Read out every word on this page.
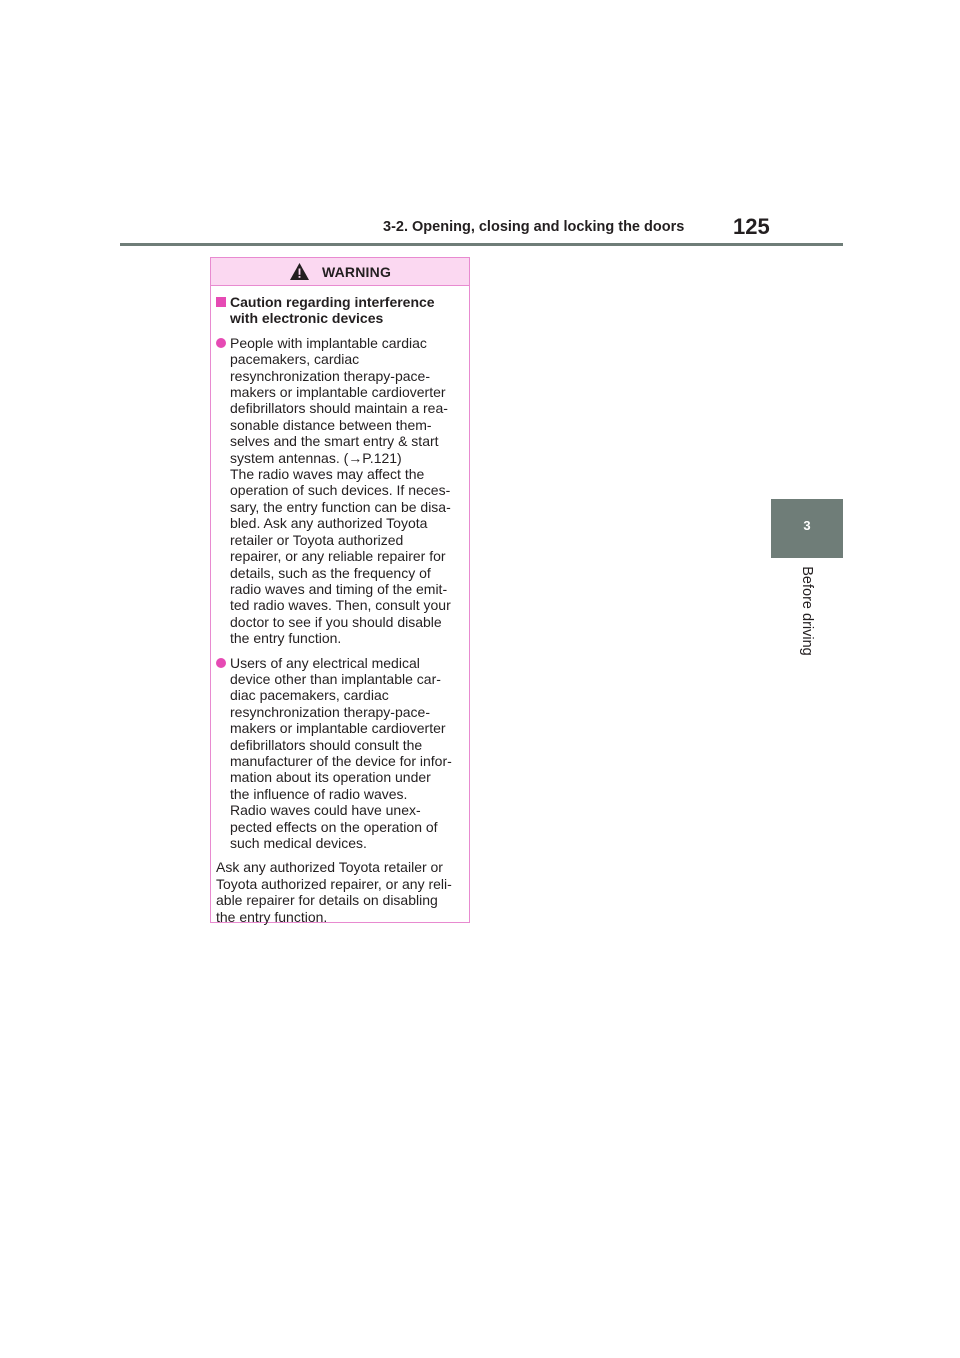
3-2. Opening, closing and locking the doors 125
3
Before driving
WARNING
Caution regarding interference
with electronic devices
People with implantable cardiac
pacemakers, cardiac
resynchronization therapy-pace-
makers or implantable cardioverter
defibrillators should maintain a rea-
sonable distance between them-
selves and the smart entry & start
system antennas. (→P.121)
The radio waves may affect the
operation of such devices. If neces-
sary, the entry function can be disa-
bled. Ask any authorized Toyota
retailer or Toyota authorized
repairer, or any reliable repairer for
details, such as the frequency of
radio waves and timing of the emit-
ted radio waves. Then, consult your
doctor to see if you should disable
the entry function.
Users of any electrical medical
device other than implantable car-
diac pacemakers, cardiac
resynchronization therapy-pace-
makers or implantable cardioverter
defibrillators should consult the
manufacturer of the device for infor-
mation about its operation under
the influence of radio waves.
Radio waves could have unex-
pected effects on the operation of
such medical devices.
Ask any authorized Toyota retailer or
Toyota authorized repairer, or any reli-
able repairer for details on disabling
the entry function.
